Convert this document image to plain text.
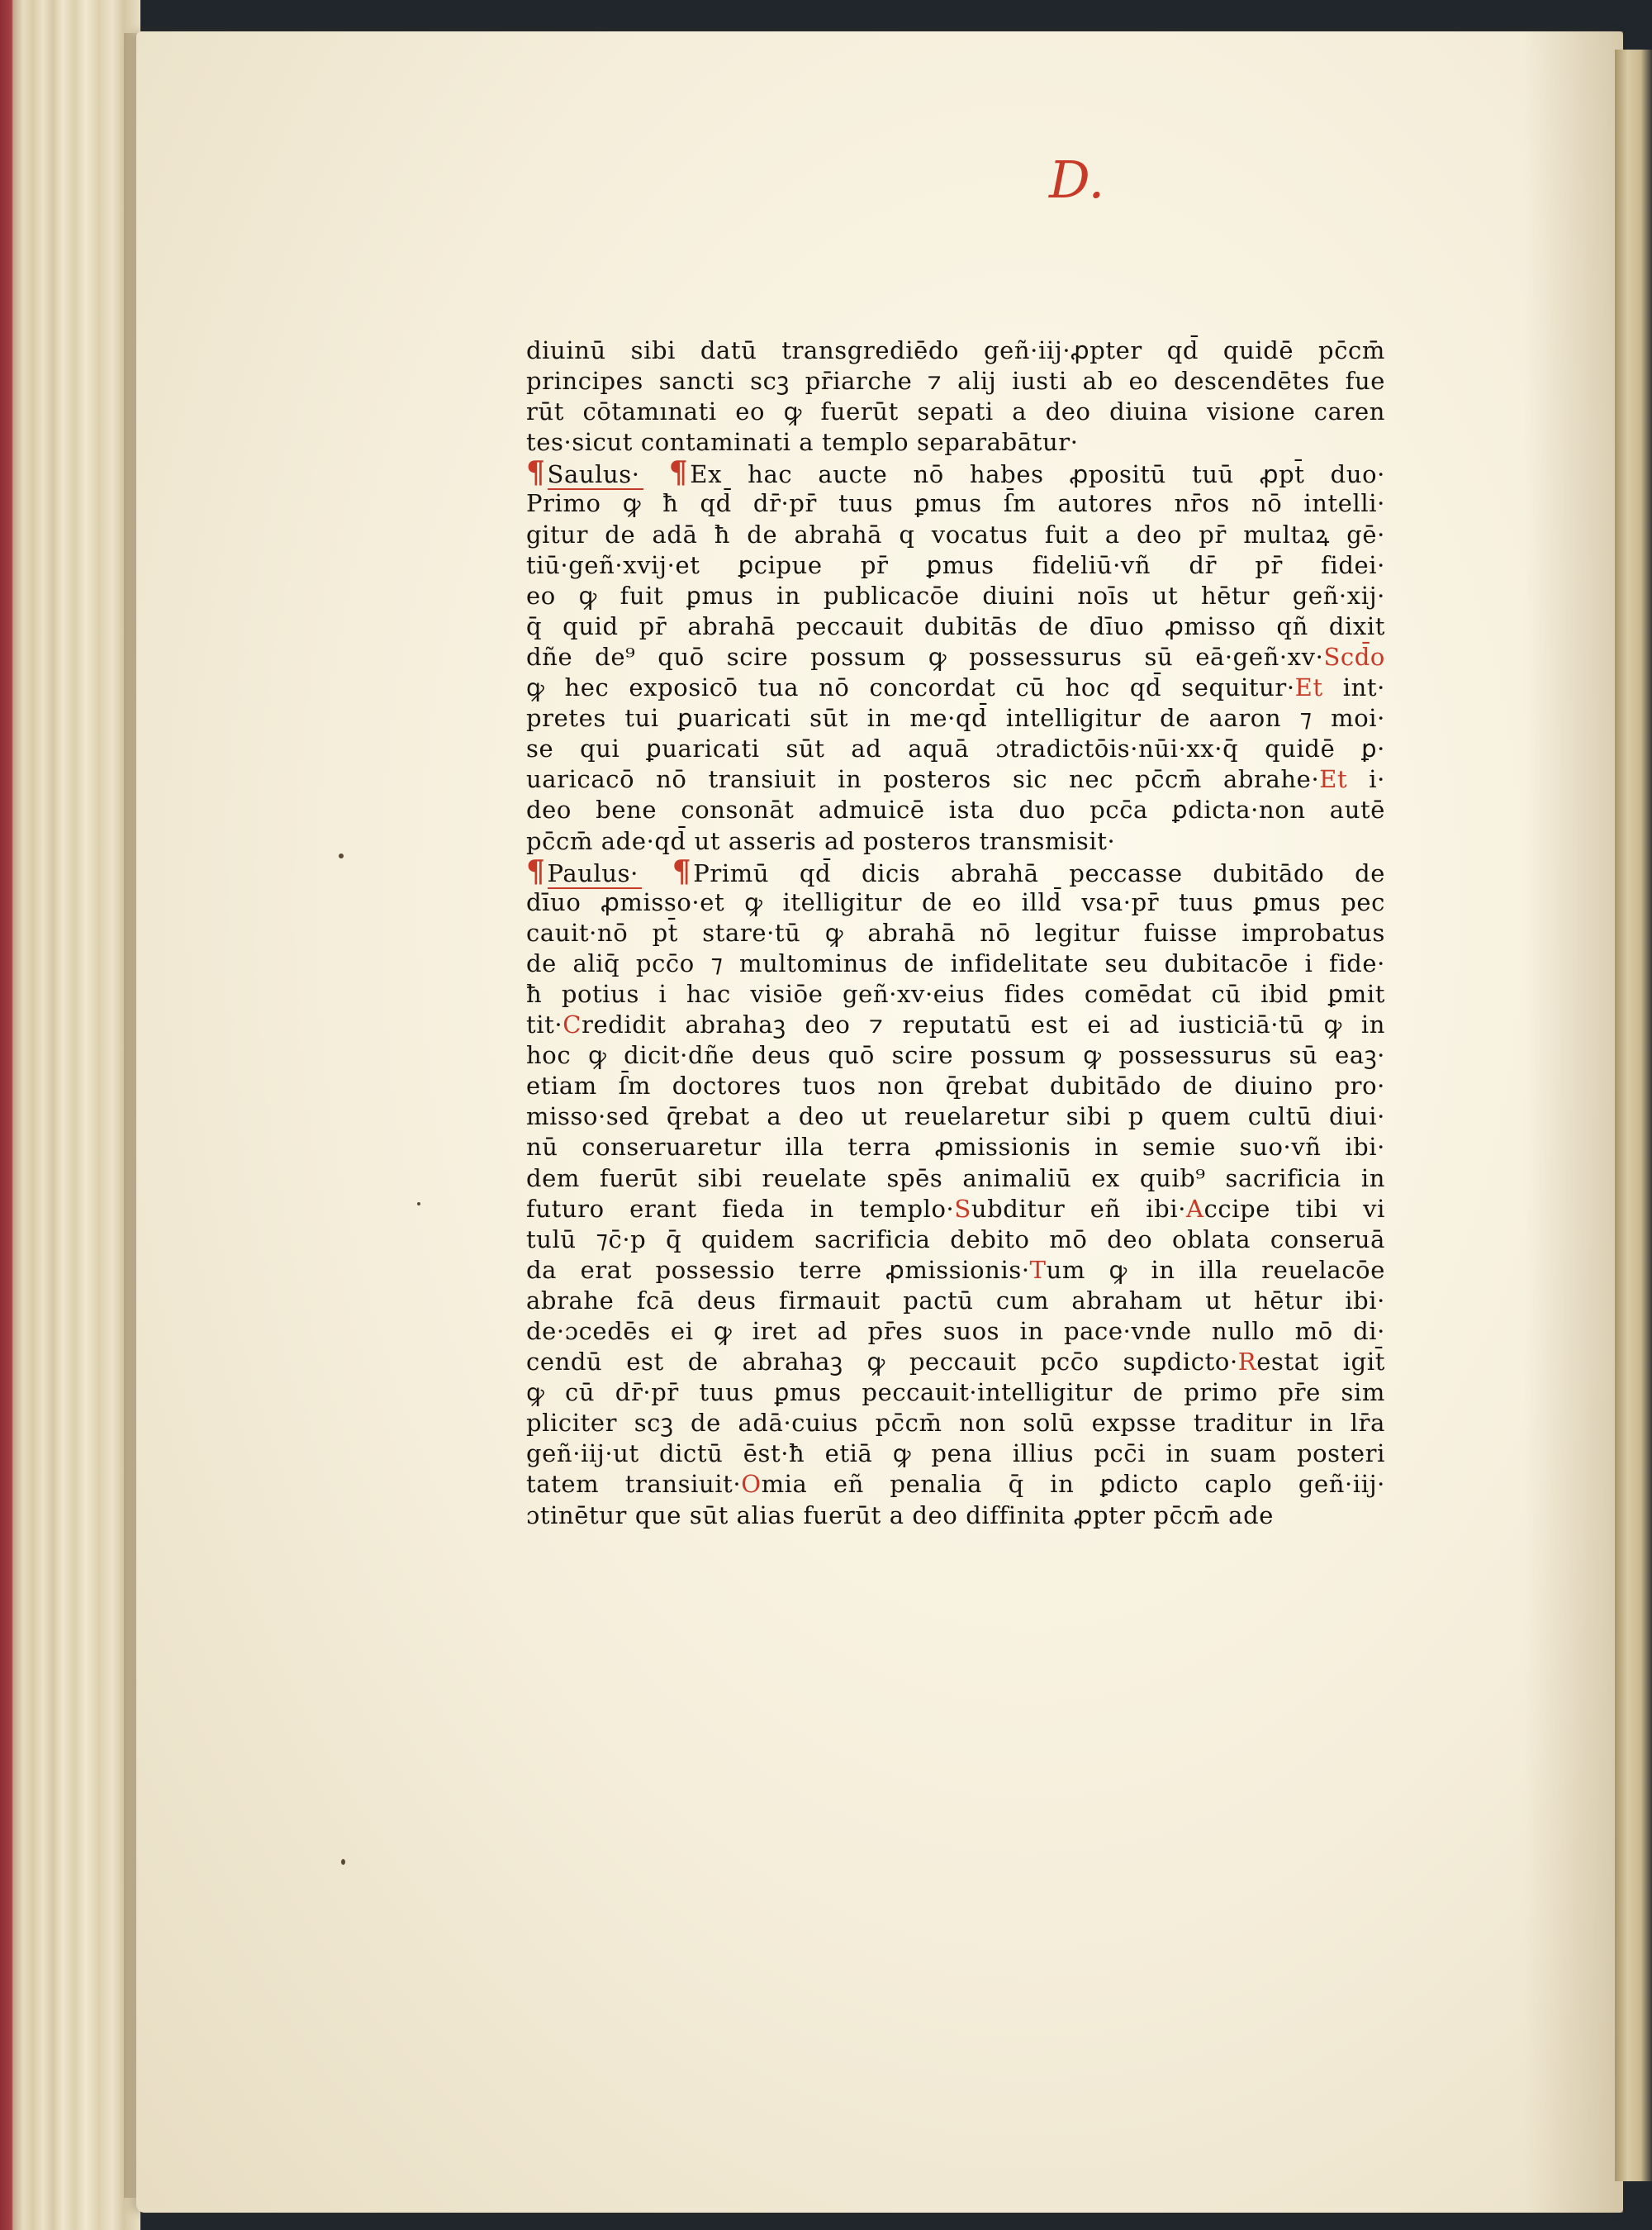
D.
diuinū sibi datū transgrediēdo geñ·iij·ꝓpter qd̄ quidē pc̄cm̄
principes sancti scꝫ pr̄iarche ⁊ alij iusti ab eo descendētes fue
rūt cōtamınati eo ꝙ fuerūt sepati a deo diuina visione caren
tes·sicut contaminati a templo separabātur·
¶Saulus· ¶Ex hac aucte nō habes ꝓpositū tuū ꝓpt̄ duo·
Primo ꝙ ħ qd̄ dr̄·pr̄ tuus ꝑmus ſ̄m autores nr̄os nō intelli·
gitur de adā ħ de abrahā q vocatus fuit a deo pr̄ multaꝝ gē·
tiū·geñ·xvij·et ꝑcipue pr̄ ꝑmus fideliū·vñ dr̄ pr̄ fidei·
eo ꝙ fuit ꝑmus in publicacōe diuini noīs ut hētur geñ·xij·
q̄ quid pr̄ abrahā peccauit dubitās de dīuo ꝓmisso qñ dixit
dñe de⁹ quō scire possum ꝙ possessurus sū eā·geñ·xv·Scd̄o
ꝙ hec exposicō tua nō concordat cū hoc qd̄ sequitur·Et int·
pretes tui ꝑuaricati sūt in me·qd̄ intelligitur de aaron ⁊ moi·
se qui ꝑuaricati sūt ad aquā ɔtradictōis·nūi·xx·q̄ quidē ꝑ·
uaricacō nō transiuit in posteros sic nec pc̄cm̄ abrahe·Et i·
deo bene consonāt admuicē ista duo pcc̄a ꝑdicta·non autē
pc̄cm̄ ade·qd̄ ut asseris ad posteros transmisit·
¶Paulus· ¶Primū qd̄ dicis abrahā peccasse dubitādo de
dīuo ꝓmisso·et ꝙ itelligitur de eo illd̄ vsa·pr̄ tuus ꝑmus pec
cauit·nō pt̄ stare·tū ꝙ abrahā nō legitur fuisse improbatus
de aliq̄ pcc̄o ⁊ multominus de infidelitate seu dubitacōe i fide·
ħ potius i hac visiōe geñ·xv·eius fides comēdat cū ibid ꝑmit
tit·Credidit abrahaꝫ deo ⁊ reputatū est ei ad iusticiā·tū ꝙ in
hoc ꝙ dicit·dñe deus quō scire possum ꝙ possessurus sū eaꝫ·
etiam ſ̄m doctores tuos non q̄rebat dubitādo de diuino pro·
misso·sed q̄rebat a deo ut reuelaretur sibi p quem cultū diui·
nū conseruaretur illa terra ꝓmissionis in semie suo·vñ ibi·
dem fuerūt sibi reuelate spēs animaliū ex quib⁹ sacrificia in
futuro erant fieda in templo·Subditur eñ ibi·Accipe tibi vi
tulū ⁊c̄·p q̄ quidem sacrificia debito mō deo oblata conseruā
da erat possessio terre ꝓmissionis·Tum ꝙ in illa reuelacōe
abrahe fcā deus firmauit pactū cum abraham ut hētur ibi·
de·ɔcedēs ei ꝙ iret ad pr̄es suos in pace·vnde nullo mō di·
cendū est de abrahaꝫ ꝙ peccauit pcc̄o suꝑdicto·Restat igit̄
ꝙ cū dr̄·pr̄ tuus ꝑmus peccauit·intelligitur de primo pr̄e sim
pliciter scꝫ de adā·cuius pc̄cm̄ non solū expsse traditur in lr̄a
geñ·iij·ut dictū ēst·ħ etiā ꝙ pena illius pcc̄i in suam posteri
tatem transiuit·Omia eñ penalia q̄ in ꝑdicto caplo geñ·iij·
ɔtinētur que sūt alias fuerūt a deo diffinita ꝓpter pc̄cm̄ ade
